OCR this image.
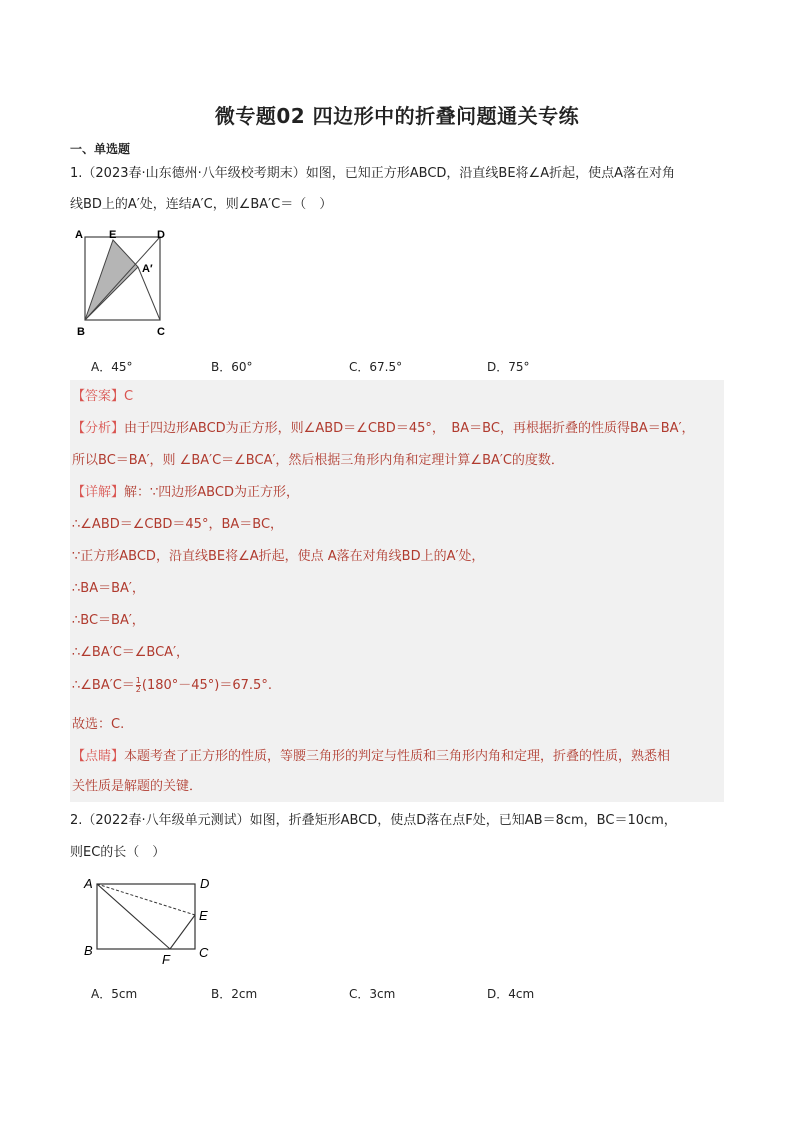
微专题02 四边形中的折叠问题通关专练
一、单选题
1.（2023春·山东德州·八年级校考期末）如图，已知正方形ABCD，沿直线BE将∠A折起，使点A落在对角
线BD上的A′处，连结A′C，则∠BA′C＝（　）
A E	D
A′
B	C
A．45°	B．60°	C．67.5°	D．75°
【答案】C
【分析】由于四边形ABCD为正方形，则∠ABD＝∠CBD＝45°，　BA＝BC，再根据折叠的性质得BA＝BA′，
所以BC＝BA′，则 ∠BA′C＝∠BCA′，然后根据三角形内角和定理计算∠BA′C的度数．
【详解】解：∵四边形ABCD为正方形，
∴∠ABD＝∠CBD＝45°，BA＝BC，
∵正方形ABCD，沿直线BE将∠A折起，使点 A落在对角线BD上的A′处，
∴BA＝BA′，
∴BC＝BA′，
∴∠BA′C＝∠BCA′，
∴∠BA′C＝ $\frac{1}{2} (180^\circ-45^\circ)=67.5^\circ$.
故选：C.
【点睛】本题考查了正方形的性质，等腰三角形的判定与性质和三角形内角和定理，折叠的性质，熟悉相
关性质是解题的关键．
2.（2022春·八年级单元测试）如图，折叠矩形ABCD，使点D落在点F处，已知AB＝8cm，BC＝10cm，
则EC的长（　）
A	D
E
B
F C
A．5cm	B．2cm	C．3cm	D．4cm
